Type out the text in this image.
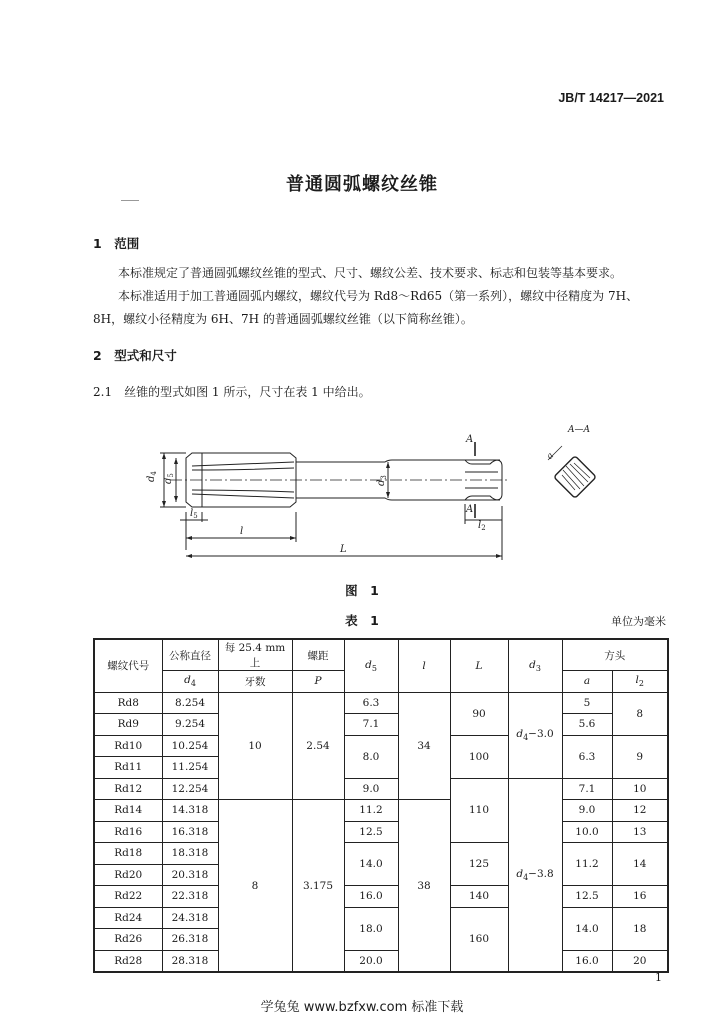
JB/T 14217—2021
普通圆弧螺纹丝锥
1　范围
本标准规定了普通圆弧螺纹丝锥的型式、尺寸、螺纹公差、技术要求、标志和包装等基本要求。
本标准适用于加工普通圆弧内螺纹，螺纹代号为 Rd8～Rd65（第一系列），螺纹中径精度为 7H、
8H，螺纹小径精度为 6H、7H 的普通圆弧螺纹丝锥（以下简称丝锥）。
2　型式和尺寸
2.1　丝锥的型式如图 1 所示，尺寸在表 1 中给出。
$d_4$
$d_5$
$d_3$
A
A
$l_5$
l
L
$l_2$
A—A
a
图　1
表　1	单位为毫米
螺纹代号	公称直径	每 25.4 mm 上	螺距	$d_5$	l	L	$d_3$	方头	
	$d_4$	牙数	P					a	$l_2$
Rd8	8.254	10	2.54	6.3	34	90	$d_4-3.0$	5	8
Rd9	9.254			7.1				5.6	
Rd10	10.254			8.0		100		6.3	9
Rd11	11.254								
Rd12	12.254			9.0		110	$d_4-3.8$	7.1	10
Rd14	14.318	8	3.175	11.2	38			9.0	12
Rd16	16.318			12.5				10.0	13
Rd18	18.318			14.0		125		11.2	14
Rd20	20.318								
Rd22	22.318			16.0		140		12.5	16
Rd24	24.318			18.0		160		14.0	18
Rd26	26.318								
Rd28	28.318			20.0				16.0	20
1
学兔兔 www.bzfxw.com 标准下载
